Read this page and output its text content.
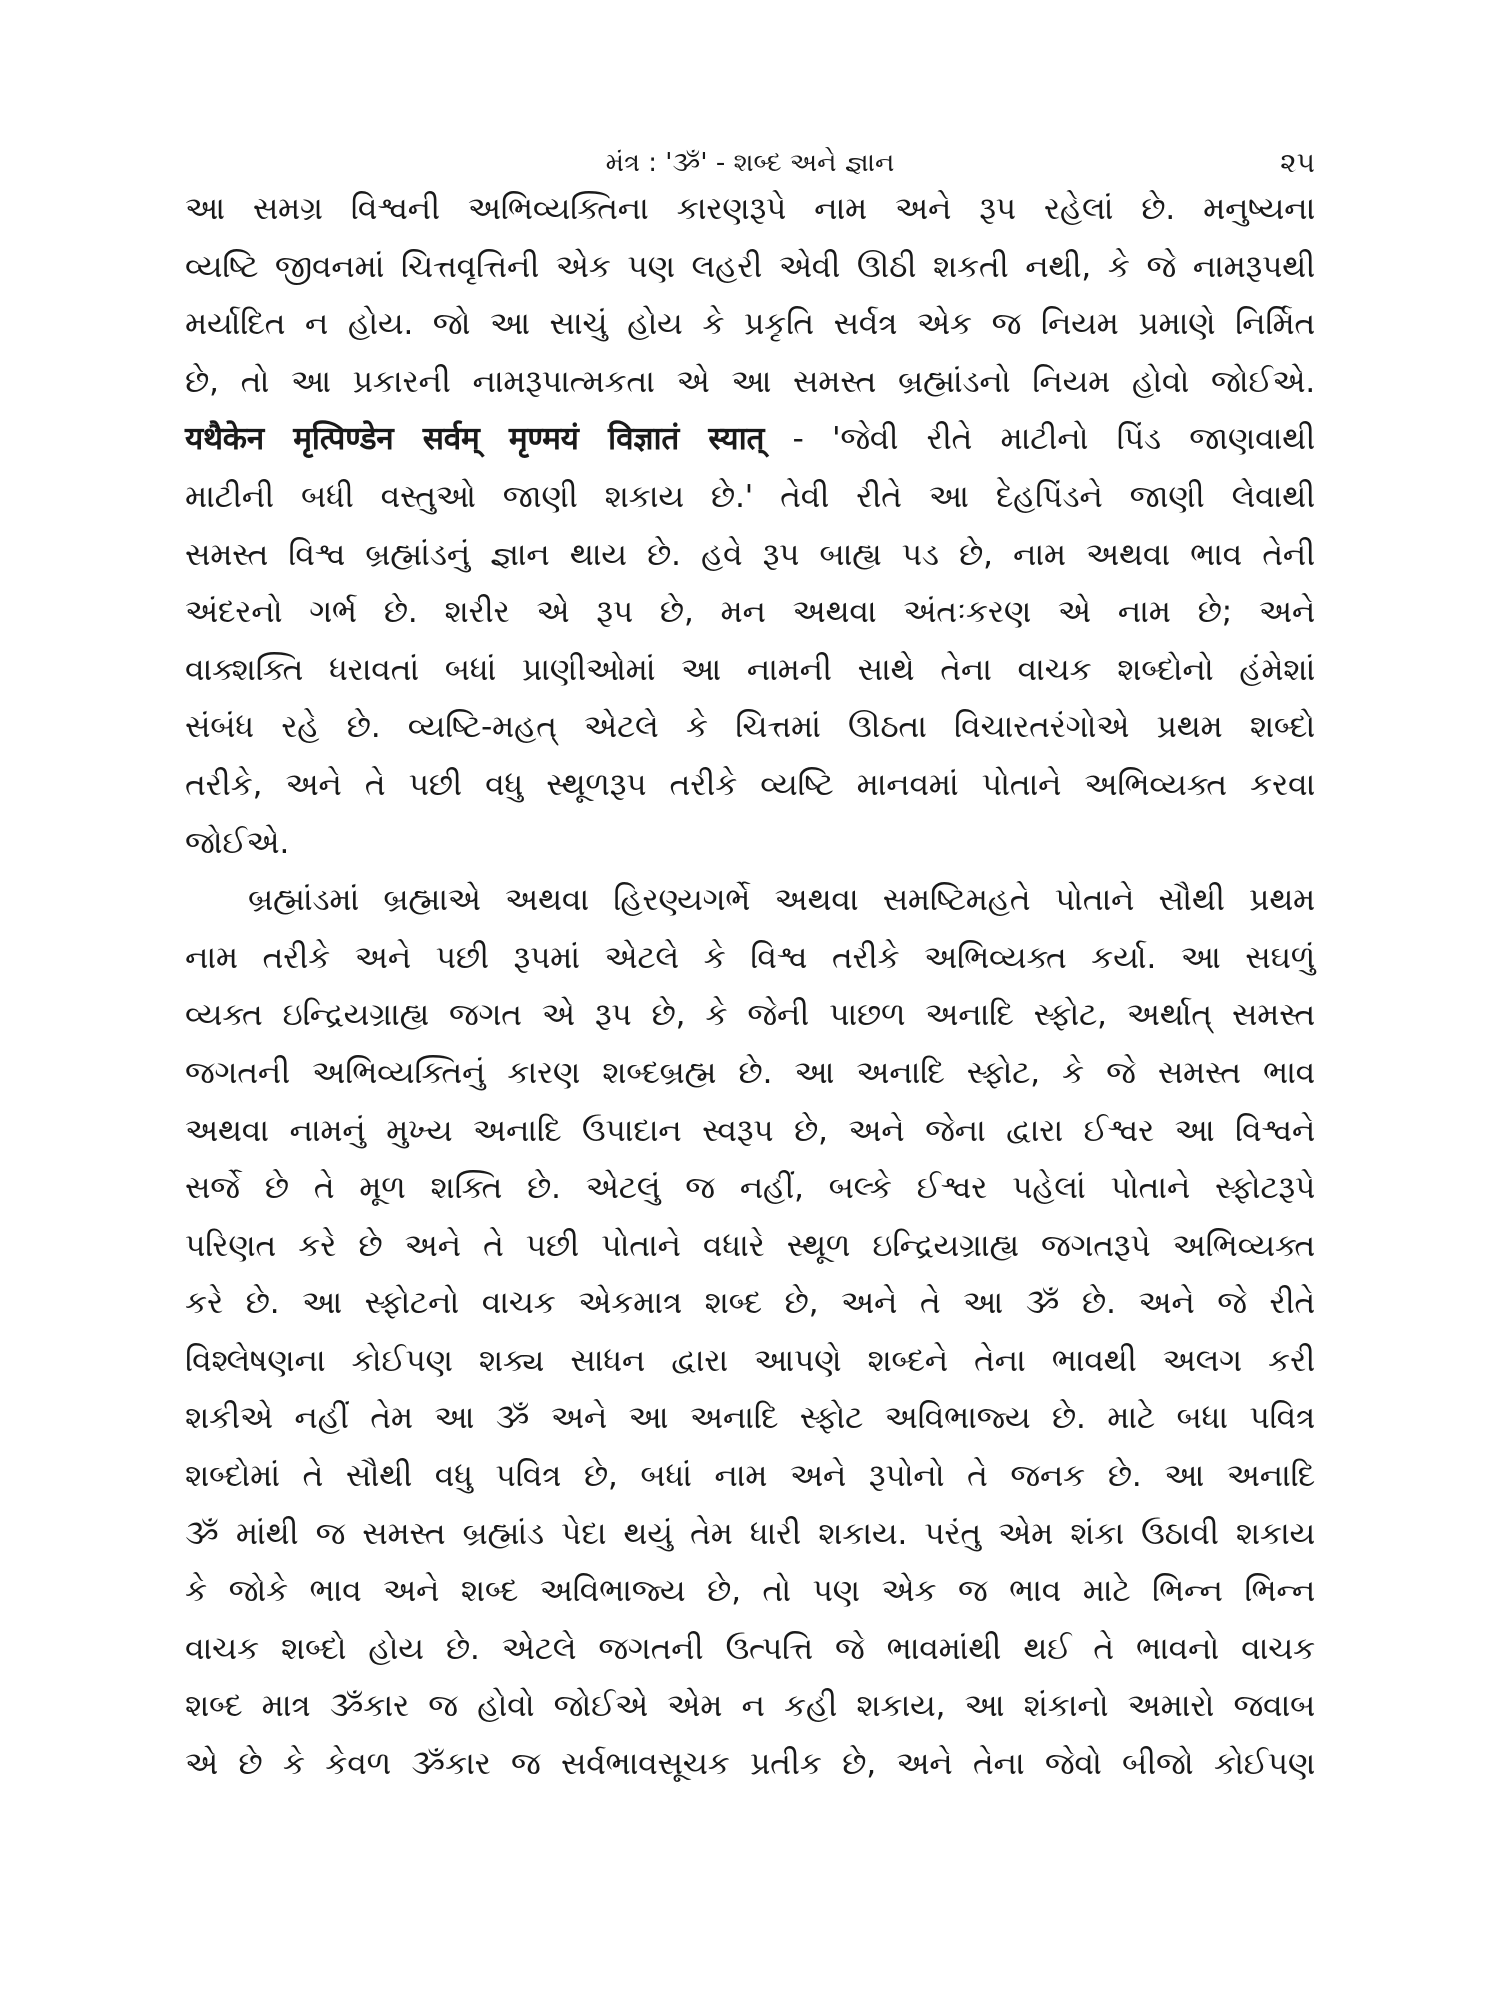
મંત્ર : 'ૐ' - શબ્દ અને જ્ઞાન	૨૫
આ સમગ્ર વિશ્વની અભિવ્યક્તિના કારણરૂપે નામ અને રૂપ રહેલાં છે. મનુષ્યના
વ્યષ્ટિ જીવનમાં ચિત્તવૃત્તિની એક પણ લહરી એવી ઊઠી શકતી નથી, કે જે નામરૂપથી
મર્યાદિત ન હોય. જો આ સાચું હોય કે પ્રકૃતિ સર્વત્ર એક જ નિયમ પ્રમાણે નિર્મિત
છે, તો આ પ્રકારની નામરૂપાત્મકતા એ આ સમસ્ત બ્રહ્માંડનો નિયમ હોવો જોઈએ.
यथैकेन मृत्पिण्डेन सर्वम् मृण्मयं विज्ञातं स्यात् - 'જેવી રીતે માટીનો પિંડ જાણવાથી
માટીની બધી વસ્તુઓ જાણી શકાય છે.' તેવી રીતે આ દેહપિંડને જાણી લેવાથી
સમસ્ત વિશ્વ બ્રહ્માંડનું જ્ઞાન થાય છે. હવે રૂપ બાહ્ય પડ છે, નામ અથવા ભાવ તેની
અંદરનો ગર્ભ છે. શરીર એ રૂપ છે, મન અથવા અંતઃકરણ એ નામ છે; અને
વાક્શક્તિ ધરાવતાં બધાં પ્રાણીઓમાં આ નામની સાથે તેના વાચક શબ્દોનો હંમેશાં
સંબંધ રહે છે. વ્યષ્ટિ-મહત્ એટલે કે ચિત્તમાં ઊઠતા વિચારતરંગોએ પ્રથમ શબ્દો
તરીકે, અને તે પછી વધુ સ્થૂળરૂપ તરીકે વ્યષ્ટિ માનવમાં પોતાને અભિવ્યક્ત કરવા
જોઈએ.
બ્રહ્માંડમાં બ્રહ્માએ અથવા હિરણ્યગર્ભે અથવા સમષ્ટિમહતે પોતાને સૌથી પ્રથમ
નામ તરીકે અને પછી રૂપમાં એટલે કે વિશ્વ તરીકે અભિવ્યક્ત કર્યા. આ સઘળું
વ્યક્ત ઇન્દ્રિયગ્રાહ્ય જગત એ રૂપ છે, કે જેની પાછળ અનાદિ સ્ફોટ, અર્થાત્ સમસ્ત
જગતની અભિવ્યક્તિનું કારણ શબ્દબ્રહ્મ છે. આ અનાદિ સ્ફોટ, કે જે સમસ્ત ભાવ
અથવા નામનું મુખ્ય અનાદિ ઉપાદાન સ્વરૂપ છે, અને જેના દ્વારા ઈશ્વર આ વિશ્વને
સર્જે છે તે મૂળ શક્તિ છે. એટલું જ નહીં, બલ્કે ઈશ્વર પહેલાં પોતાને સ્ફોટરૂપે
પરિણત કરે છે અને તે પછી પોતાને વધારે સ્થૂળ ઇન્દ્રિયગ્રાહ્ય જગતરૂપે અભિવ્યક્ત
કરે છે. આ સ્ફોટનો વાચક એકમાત્ર શબ્દ છે, અને તે આ ૐ છે. અને જે રીતે
વિશ્લેષણના કોઈપણ શક્ય સાધન દ્વારા આપણે શબ્દને તેના ભાવથી અલગ કરી
શકીએ નહીં તેમ આ ૐ અને આ અનાદિ સ્ફોટ અવિભાજ્ય છે. માટે બધા પવિત્ર
શબ્દોમાં તે સૌથી વધુ પવિત્ર છે, બધાં નામ અને રૂપોનો તે જનક છે. આ અનાદિ
ૐ માંથી જ સમસ્ત બ્રહ્માંડ પેદા થયું તેમ ધારી શકાય. પરંતુ એમ શંકા ઉઠાવી શકાય
કે જોકે ભાવ અને શબ્દ અવિભાજ્ય છે, તો પણ એક જ ભાવ માટે ભિન્ન ભિન્ન
વાચક શબ્દો હોય છે. એટલે જગતની ઉત્પત્તિ જે ભાવમાંથી થઈ તે ભાવનો વાચક
શબ્દ માત્ર ૐકાર જ હોવો જોઈએ એમ ન કહી શકાય, આ શંકાનો અમારો જવાબ
એ છે કે કેવળ ૐકાર જ સર્વભાવસૂચક પ્રતીક છે, અને તેના જેવો બીજો કોઈપણ
